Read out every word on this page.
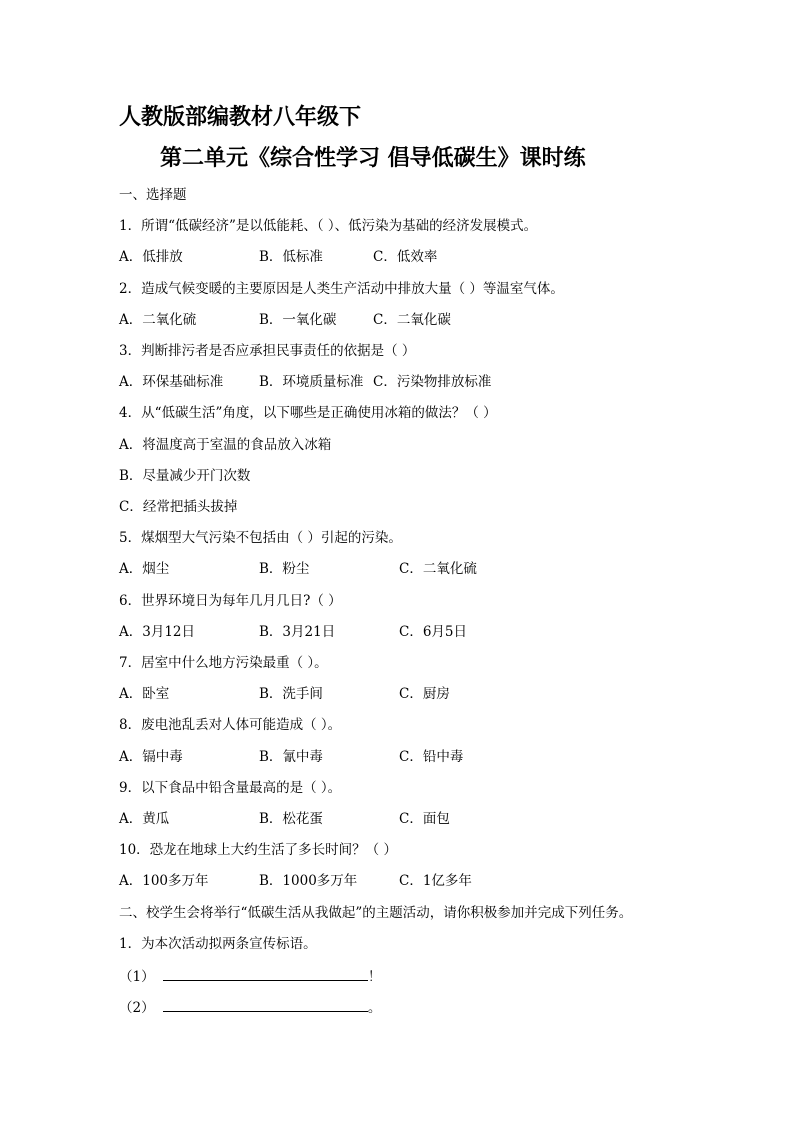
人教版部编教材八年级下
第二单元《综合性学习 倡导低碳生》课时练
一、选择题
1．所谓“低碳经济”是以低能耗、（ ）、低污染为基础的经济发展模式。
A．低排放	B．低标准	C．低效率
2．造成气候变暖的主要原因是人类生产活动中排放大量（ ）等温室气体。
A．二氧化硫	B．一氧化碳	C．二氧化碳
3．判断排污者是否应承担民事责任的依据是（ ）
A．环保基础标准	B．环境质量标准 C．污染物排放标准
4．从“低碳生活”角度，以下哪些是正确使用冰箱的做法？（ ）
A．将温度高于室温的食品放入冰箱
B．尽量减少开门次数
C．经常把插头拔掉
5．煤烟型大气污染不包括由（ ）引起的污染。
A．烟尘	B．粉尘	C．二氧化硫
6．世界环境日为每年几月几日?（ ）
A．3月12日	B．3月21日	C．6月5日
7．居室中什么地方污染最重（ ）。
A．卧室	B．洗手间	C．厨房
8．废电池乱丢对人体可能造成（ ）。
A．镉中毒	B．氰中毒	C．铅中毒
9．以下食品中铅含量最高的是（ ）。
A．黄瓜	B．松花蛋	C．面包
10．恐龙在地球上大约生活了多长时间？（ ）
A．100多万年	B．1000多万年	C．1亿多年
二、校学生会将举行“低碳生活从我做起”的主题活动，请你积极参加并完成下列任务。
1．为本次活动拟两条宣传标语。
（1）	！
（2）	。
